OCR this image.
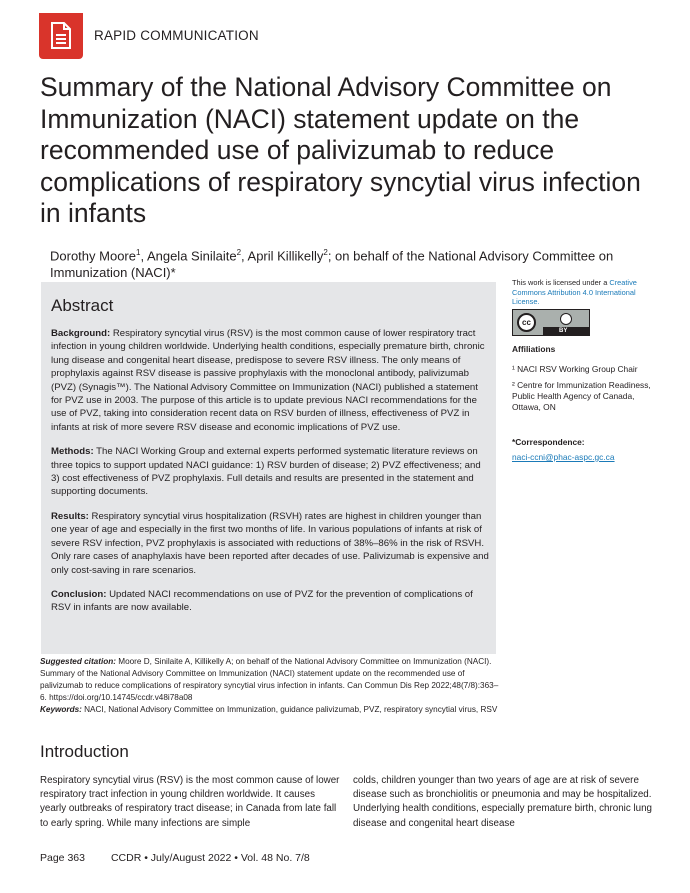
RAPID COMMUNICATION
Summary of the National Advisory Committee on Immunization (NACI) statement update on the recommended use of palivizumab to reduce complications of respiratory syncytial virus infection in infants
Dorothy Moore$^1$, Angela Sinilaite$^2$, April Killikelly$^2$; on behalf of the National Advisory Committee on Immunization (NACI)*
Abstract

Background: Respiratory syncytial virus (RSV) is the most common cause of lower respiratory tract infection in young children worldwide. Underlying health conditions, especially premature birth, chronic lung disease and congenital heart disease, predispose to severe RSV illness. The only means of prophylaxis against RSV disease is passive prophylaxis with the monoclonal antibody, palivizumab (PVZ) (Synagis™). The National Advisory Committee on Immunization (NACI) published a statement for PVZ use in 2003. The purpose of this article is to update previous NACI recommendations for the use of PVZ, taking into consideration recent data on RSV burden of illness, effectiveness of PVZ in infants at risk of more severe RSV disease and economic implications of PVZ use.

Methods: The NACI Working Group and external experts performed systematic literature reviews on three topics to support updated NACI guidance: 1) RSV burden of disease; 2) PVZ effectiveness; and 3) cost effectiveness of PVZ prophylaxis. Full details and results are presented in the statement and supporting documents.

Results: Respiratory syncytial virus hospitalization (RSVH) rates are highest in children younger than one year of age and especially in the first two months of life. In various populations of infants at risk of severe RSV infection, PVZ prophylaxis is associated with reductions of 38%–86% in the risk of RSVH. Only rare cases of anaphylaxis have been reported after decades of use. Palivizumab is expensive and only cost-saving in rare scenarios.

Conclusion: Updated NACI recommendations on use of PVZ for the prevention of complications of RSV in infants are now available.

This work is licensed under a Creative Commons Attribution 4.0 International License.
cc
BY
Affiliations
¹ NACI RSV Working Group Chair
² Centre for Immunization Readiness, Public Health Agency of Canada, Ottawa, ON
*Correspondence:
naci-ccni@phac-aspc.gc.ca

Suggested citation: Moore D, Sinilaite A, Killikelly A; on behalf of the National Advisory Committee on Immunization (NACI). Summary of the National Advisory Committee on Immunization (NACI) statement update on the recommended use of palivizumab to reduce complications of respiratory syncytial virus infection in infants. Can Commun Dis Rep 2022;48(7/8):363–6. https://doi.org/10.14745/ccdr.v48i78a08

Keywords: NACI, National Advisory Committee on Immunization, guidance palivizumab, PVZ, respiratory syncytial virus, RSV

Introduction
Respiratory syncytial virus (RSV) is the most common cause of lower respiratory tract infection in young children worldwide. It causes yearly outbreaks of respiratory tract disease; in Canada from late fall to early spring. While many infections are simple
colds, children younger than two years of age are at risk of severe disease such as bronchiolitis or pneumonia and may be hospitalized. Underlying health conditions, especially premature birth, chronic lung disease and congenital heart disease
Page 363 CCDR • July/August 2022 • Vol. 48 No. 7/8
